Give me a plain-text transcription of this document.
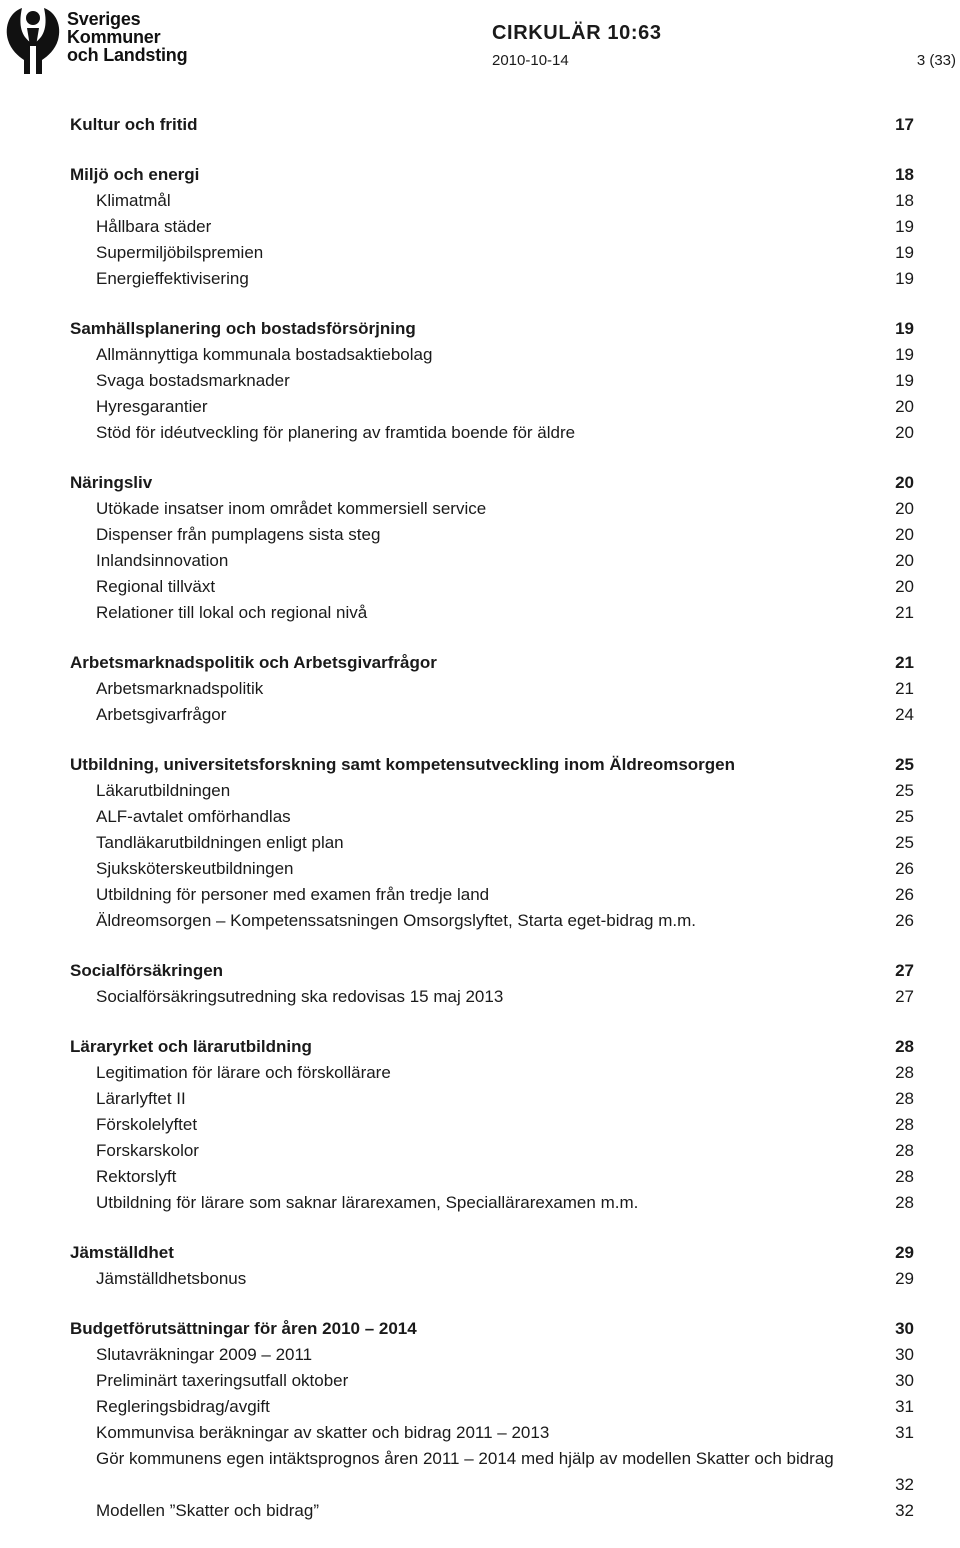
Sveriges
Kommuner
och Landsting
CIRKULÄR 10:63
2010-10-14	3 (33)
Kultur och fritid	17
Miljö och energi	18
Klimatmål	18
Hållbara städer	19
Supermiljöbilspremien	19
Energieffektivisering	19
Samhällsplanering och bostadsförsörjning	19
Allmännyttiga kommunala bostadsaktiebolag	19
Svaga bostadsmarknader	19
Hyresgarantier	20
Stöd för idéutveckling för planering av framtida boende för äldre	20
Näringsliv	20
Utökade insatser inom området kommersiell service	20
Dispenser från pumplagens sista steg	20
Inlandsinnovation	20
Regional tillväxt	20
Relationer till lokal och regional nivå	21
Arbetsmarknadspolitik och Arbetsgivarfrågor	21
Arbetsmarknadspolitik	21
Arbetsgivarfrågor	24
Utbildning, universitetsforskning samt kompetensutveckling inom Äldreomsorgen	25
Läkarutbildningen	25
ALF-avtalet omförhandlas	25
Tandläkarutbildningen enligt plan	25
Sjuksköterskeutbildningen	26
Utbildning för personer med examen från tredje land	26
Äldreomsorgen – Kompetenssatsningen Omsorgslyftet, Starta eget-bidrag m.m.	26
Socialförsäkringen	27
Socialförsäkringsutredning ska redovisas 15 maj 2013	27
Läraryrket och lärarutbildning	28
Legitimation för lärare och förskollärare	28
Lärarlyftet II	28
Förskolelyftet	28
Forskarskolor	28
Rektorslyft	28
Utbildning för lärare som saknar lärarexamen, Speciallärarexamen m.m.	28
Jämställdhet	29
Jämställdhetsbonus	29
Budgetförutsättningar för åren 2010 – 2014	30
Slutavräkningar 2009 – 2011	30
Preliminärt taxeringsutfall oktober	30
Regleringsbidrag/avgift	31
Kommunvisa beräkningar av skatter och bidrag 2011 – 2013	31
Gör kommunens egen intäktsprognos åren 2011 – 2014 med hjälp av modellen Skatter och bidrag
32
Modellen ”Skatter och bidrag”	32
